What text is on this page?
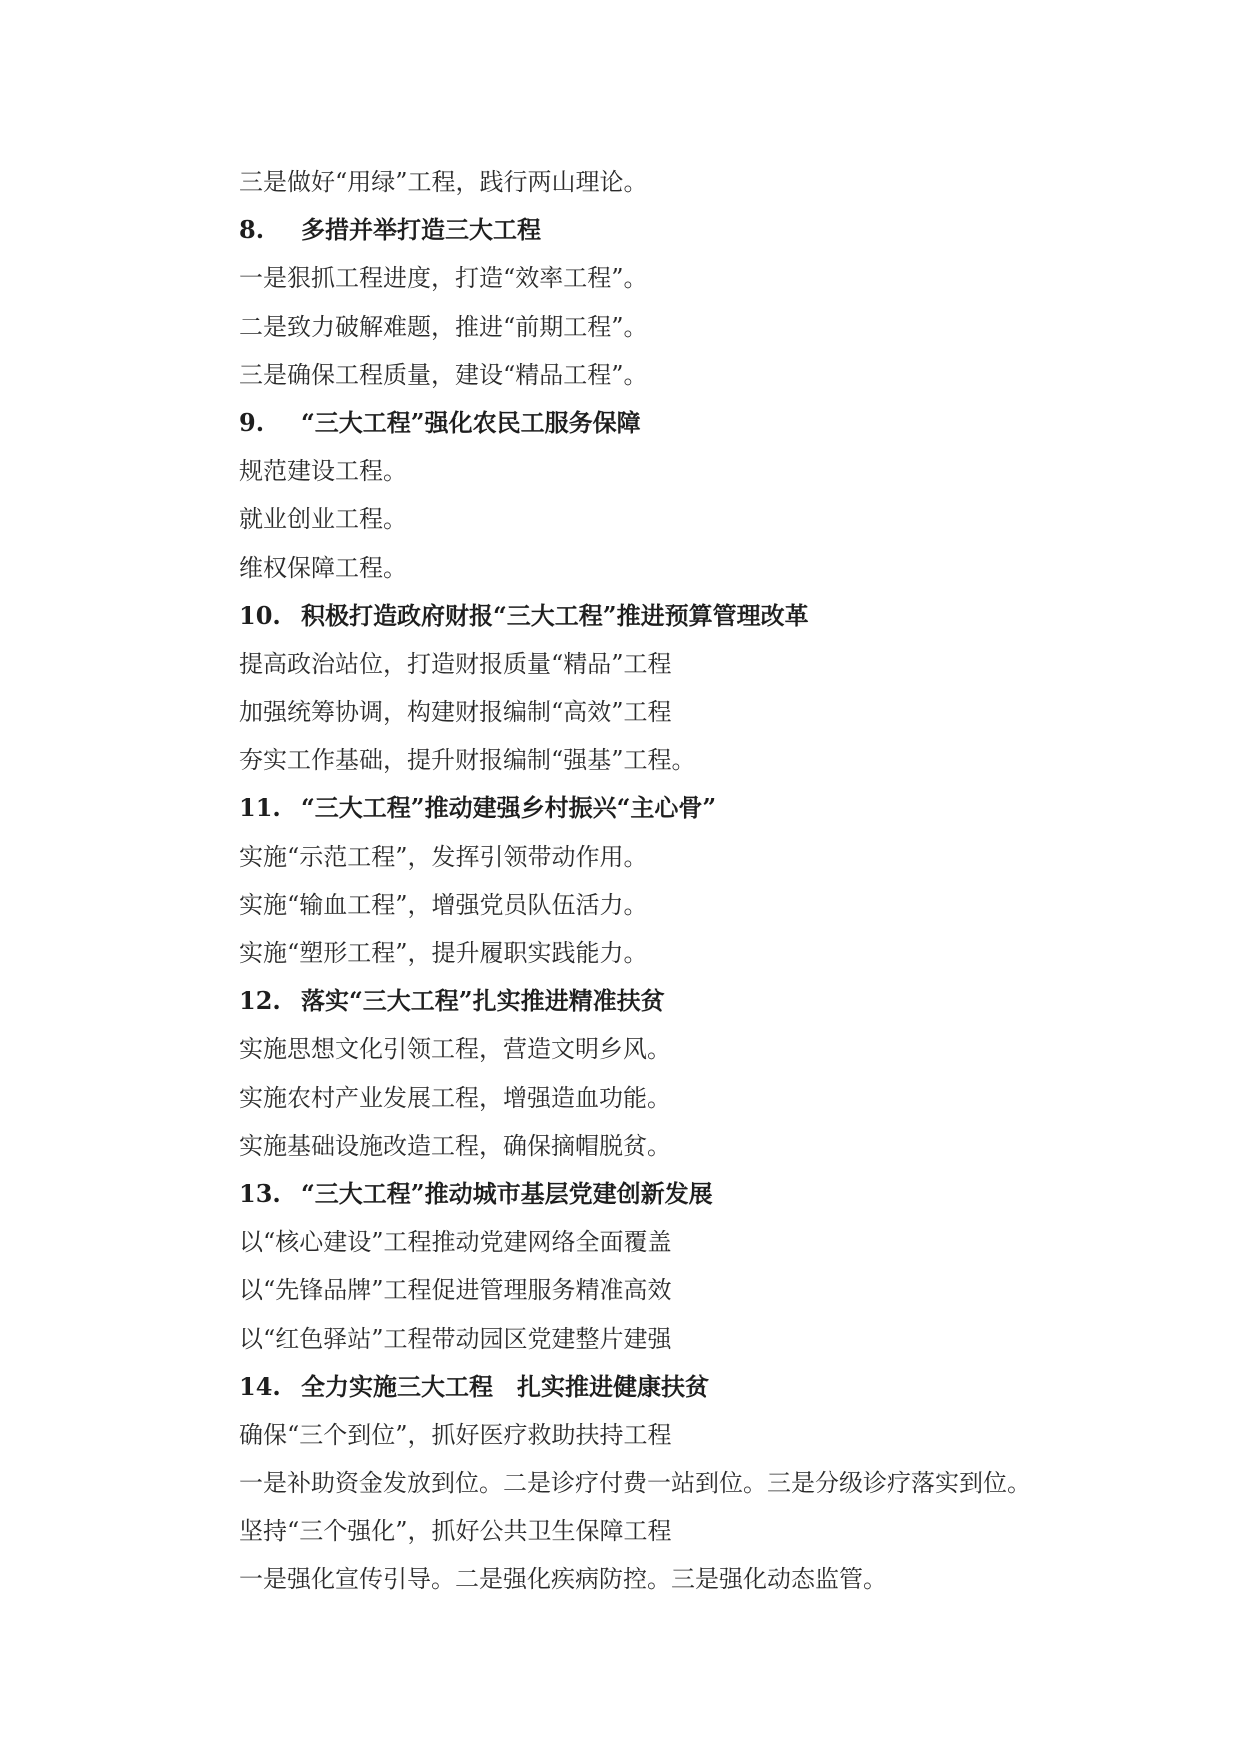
三是做好“用绿”工程，践行两山理论。
8. 多措并举打造三大工程
一是狠抓工程进度，打造“效率工程”。
二是致力破解难题，推进“前期工程”。
三是确保工程质量，建设“精品工程”。
9. “三大工程”强化农民工服务保障
规范建设工程。
就业创业工程。
维权保障工程。
10. 积极打造政府财报“三大工程”推进预算管理改革
提高政治站位，打造财报质量“精品”工程
加强统筹协调，构建财报编制“高效”工程
夯实工作基础，提升财报编制“强基”工程。
11. “三大工程”推动建强乡村振兴“主心骨”
实施“示范工程”，发挥引领带动作用。
实施“输血工程”，增强党员队伍活力。
实施“塑形工程”，提升履职实践能力。
12. 落实“三大工程”扎实推进精准扶贫
实施思想文化引领工程，营造文明乡风。
实施农村产业发展工程，增强造血功能。
实施基础设施改造工程，确保摘帽脱贫。
13. “三大工程”推动城市基层党建创新发展
以“核心建设”工程推动党建网络全面覆盖
以“先锋品牌”工程促进管理服务精准高效
以“红色驿站”工程带动园区党建整片建强
14. 全力实施三大工程　扎实推进健康扶贫
确保“三个到位”，抓好医疗救助扶持工程
一是补助资金发放到位。二是诊疗付费一站到位。三是分级诊疗落实到位。
坚持“三个强化”，抓好公共卫生保障工程
一是强化宣传引导。二是强化疾病防控。三是强化动态监管。
